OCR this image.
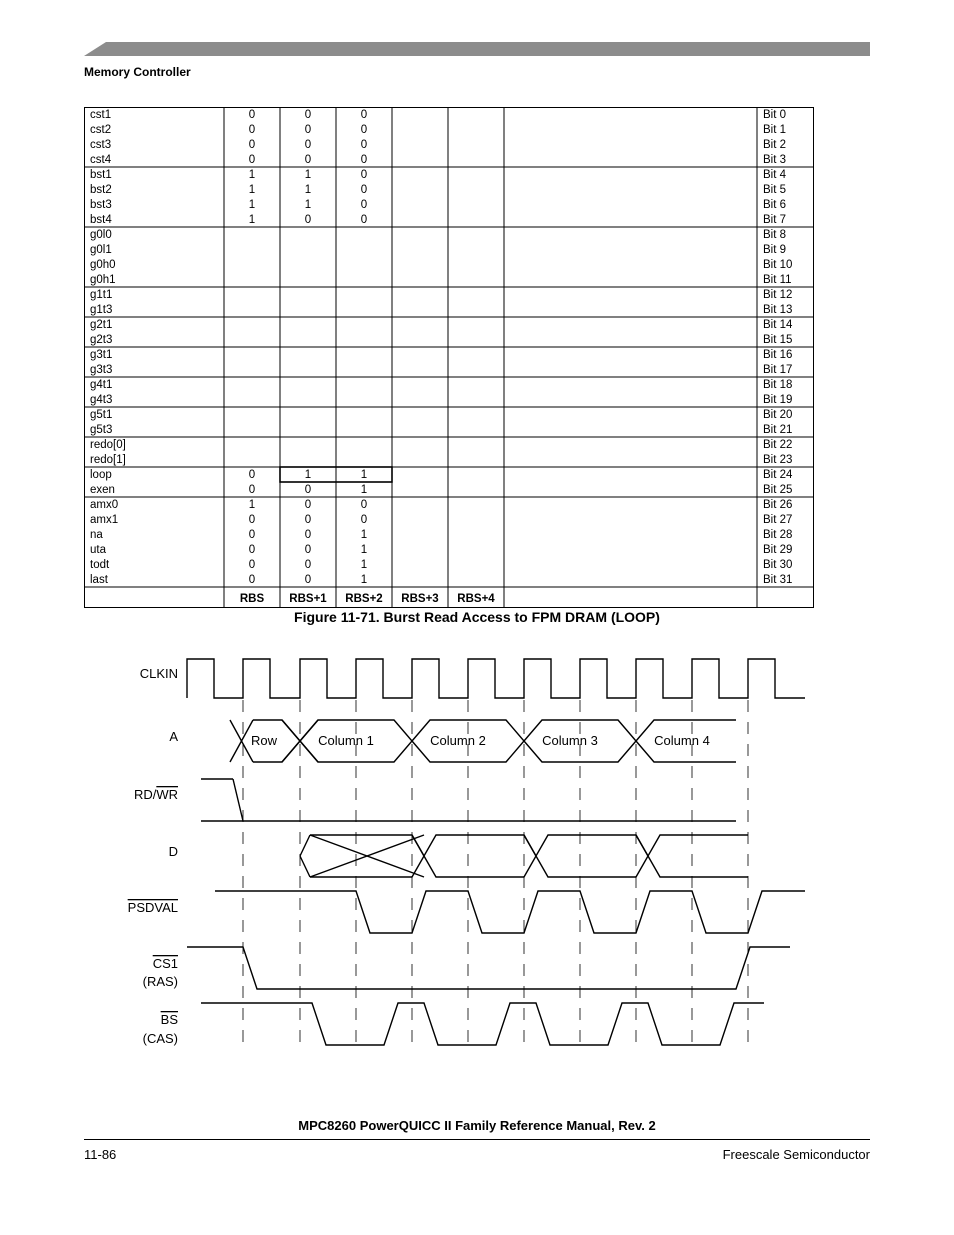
Memory Controller
cst1	0	0	0	Bit 0
cst2	0	0	0	Bit 1
cst3	0	0	0	Bit 2
cst4	0	0	0	Bit 3
bst1	1	1	0	Bit 4
bst2	1	1	0	Bit 5
bst3	1	1	0	Bit 6
bst4	1	0	0	Bit 7
g0l0	Bit 8
g0l1	Bit 9
g0h0	Bit 10
g0h1	Bit 11
g1t1	Bit 12
g1t3	Bit 13
g2t1	Bit 14
g2t3	Bit 15
g3t1	Bit 16
g3t3	Bit 17
g4t1	Bit 18
g4t3	Bit 19
g5t1	Bit 20
g5t3	Bit 21
redo[0]	Bit 22
redo[1]	Bit 23
loop	0	1	1	Bit 24
exen	0	0	1	Bit 25
amx0	1	0	0	Bit 26
amx1	0	0	0	Bit 27
na	0	0	1	Bit 28
uta	0	0	1	Bit 29
todt	0	0	1	Bit 30
last	0	0	1	Bit 31
RBS RBS+1 RBS+2 RBS+3 RBS+4
Figure 11-71. Burst Read Access to FPM DRAM (LOOP)
CLKIN
A
RD/WR
D
PSDVAL
CS1
(RAS)
BS
(CAS)
Row	Column 1	Column 2	Column 3	Column 4
MPC8260 PowerQUICC II Family Reference Manual, Rev. 2
11-86	Freescale Semiconductor
